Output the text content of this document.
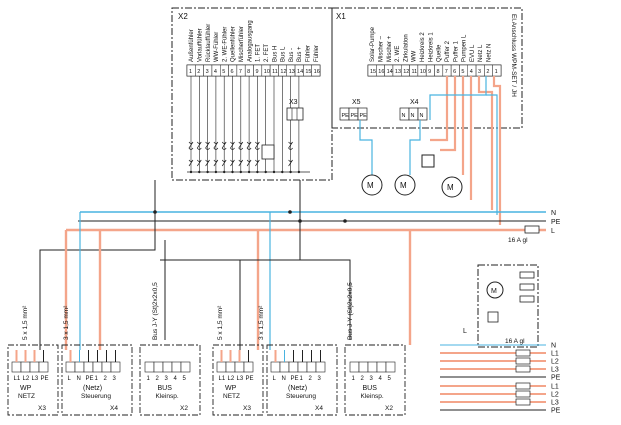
X2	X1	El.Anschluss WPM-SET / JH
Außenfühler Vorlauffühler Rücklauffühler WW-Fühler 2. WE-Fühler Quellenfühler Mischerfühler Analogausgang 1. FET 2. FET Bus H Bus L Bus - Bus + Fühler Fühler
1 2 3 4 5 6 7 8 9 10 11 12 13 14 15 16
Solar-Pumpe Mischer – Mischer + 2. WE Zirkulation WW Heizkreis 2 Heizkreis 1 Quelle Puffer 2 Puffer 1 Pumpen L EVU L Netz L Netz N
15 16 14 13 12 11 10 9 8 7 6 5 4 3 2 1
X3	X5
PE PE PE
X4
N N N
M	M	M
N
PE
L
16 A gl
M
16 A gl
L
N
L1
L2
L3
PE
L1
L2
L3
PE
5 x 1,5 mm²	3 x 1,5 mm²	Bus J-Y (St)2x2x0,5	5 x 1,5 mm²	3 x 1,5 mm²	Bus J-Y (St)2x2x0,5
L1 L2 L3 PE
WP
NETZ
X3
L N PE 1 2 3
(Netz)
Steuerung
X4
1 2 3 4 5
BUS
Kleinsp.
X2
L1 L2 L3 PE
WP
NETZ
X3
L N PE 1 2 3
(Netz)
Steuerung
X4
1 2 3 4 5
BUS
Kleinsp.
X2
